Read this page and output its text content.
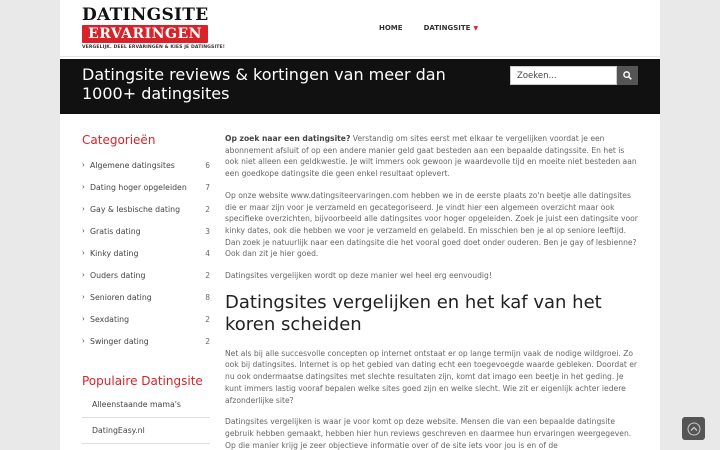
DATINGSITE
ERVARINGEN
VERGELIJK. DEEL ERVARINGEN & KIES JE DATINGSITE!
HOME	DATINGSITE ▼
Datingsite reviews & kortingen van meer dan 1000+ datingsites
Zoeken...
Categorieën
› Algemene datingsites	6
› Dating hoger opgeleiden	7
› Gay & lesbische dating	2
› Gratis dating	3
› Kinky dating	4
› Ouders dating	2
› Senioren dating	8
› Sexdating	2
› Swinger dating	2
Populaire Datingsite
Alleenstaande mama's
DatingEasy.nl

Op zoek naar een datingsite? Verstandig om sites eerst met elkaar te vergelijken voordat je een abonnement afsluit of op een andere manier geld gaat besteden aan een bepaalde datingssite. En het is ook niet alleen een geldkwestie. Je wilt immers ook gewoon je waardevolle tijd en moeite niet besteden aan een goedkope datingsite die geen enkel resultaat oplevert.

Op onze website www.datingsiteervaringen.com hebben we in de eerste plaats zo'n beetje alle datingsites die er maar zijn voor je verzameld en gecategoriseerd. Je vindt hier een algemeen overzicht maar ook specifieke overzichten, bijvoorbeeld alle datingsites voor hoger opgeleiden. Zoek je juist een datingsite voor kinky dates, ook die hebben we voor je verzameld en gelabeld. En misschien ben je al op seniore leeftijd. Dan zoek je natuurlijk naar een datingsite die het vooral goed doet onder ouderen. Ben je gay of lesbienne? Ook dan zit je hier goed.

Datingsites vergelijken wordt op deze manier wel heel erg eenvoudig!

Datingsites vergelijken en het kaf van het koren scheiden

Net als bij alle succesvolle concepten op internet ontstaat er op lange termijn vaak de nodige wildgroei. Zo ook bij datingsites. Internet is op het gebied van dating echt een toegevoegde waarde gebleken. Doordat er nu ook ondermaatse datingsites met slechte resultaten zijn, komt dat imago een beetje in het geding. Je kunt immers lastig vooraf bepalen welke sites goed zijn en welke slecht. Wie zit er eigenlijk achter iedere afzonderlijke site?

Datingsites vergelijken is waar je voor komt op deze website. Mensen die van een bepaalde datingsite gebruik hebben gemaakt, hebben hier hun reviews geschreven en daarmee hun ervaringen weergegeven. Op die manier krijg je zeer objectieve informatie over of de site iets voor jou is en of de
